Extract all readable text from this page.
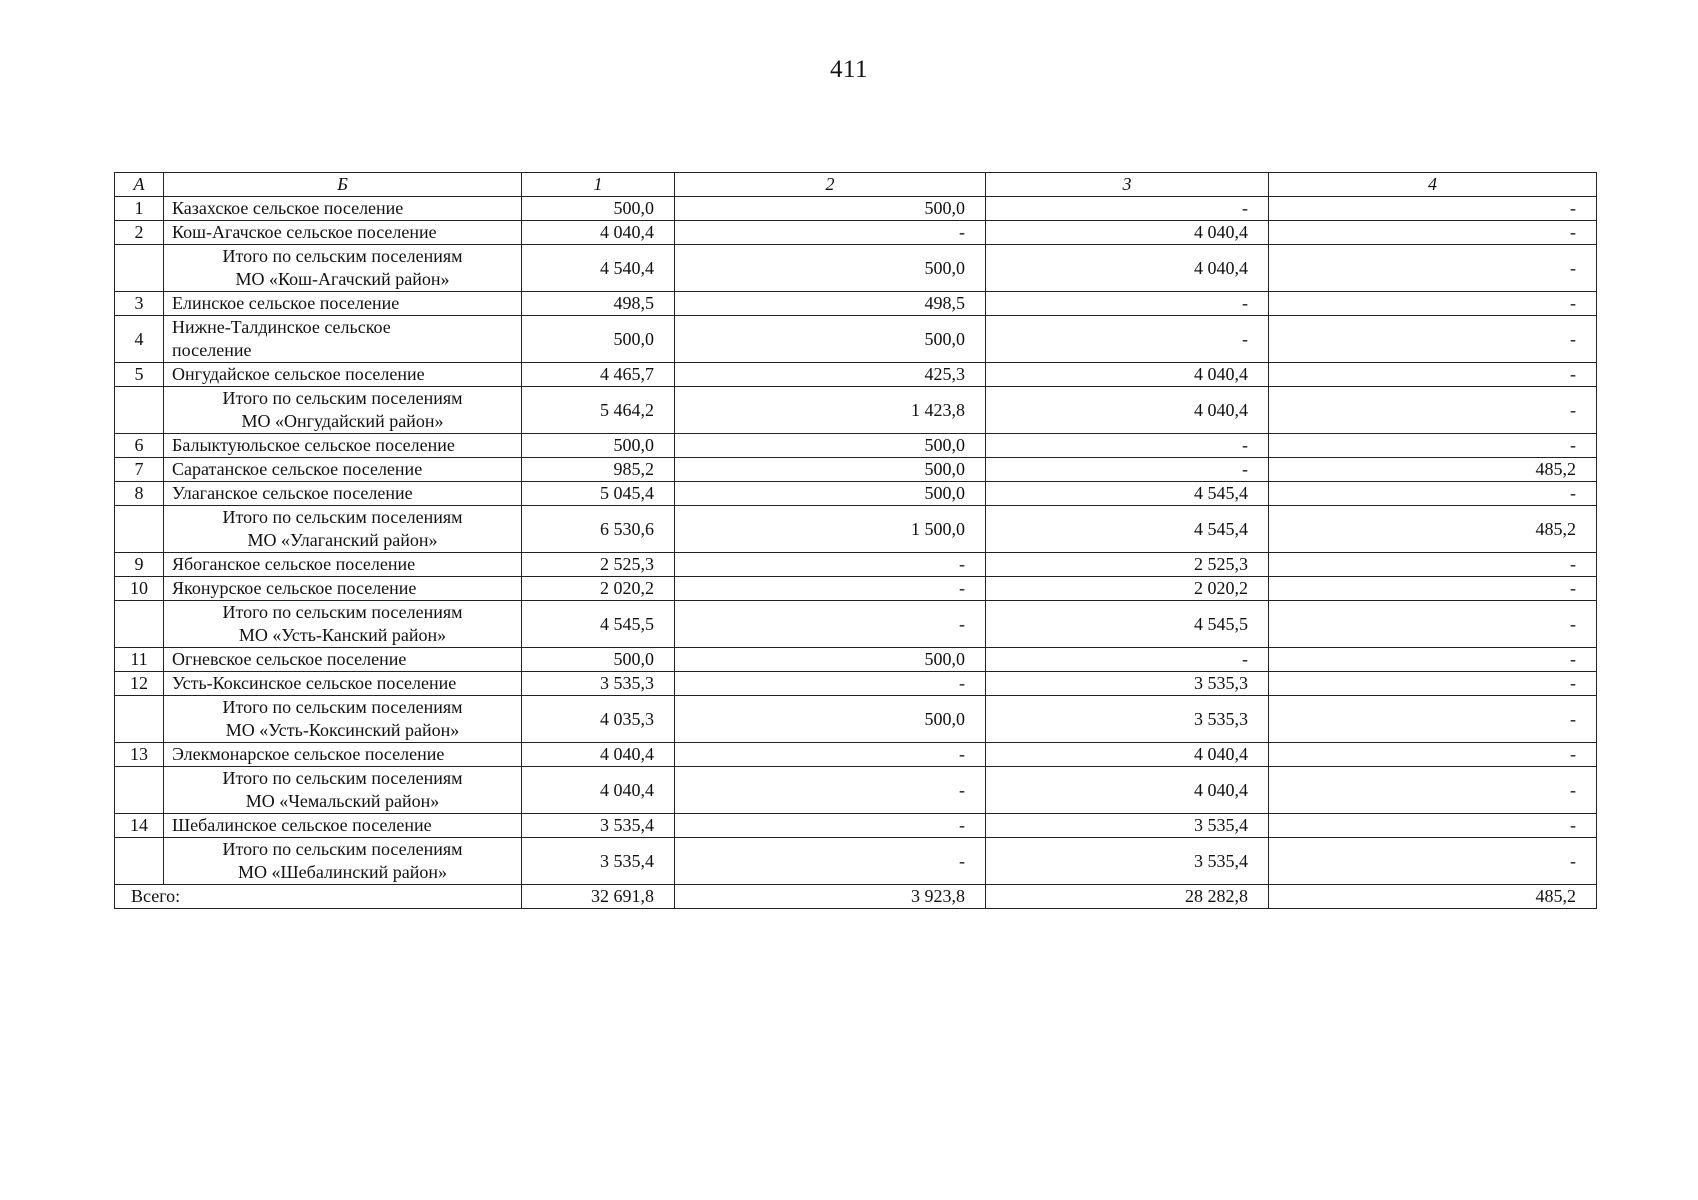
411
А	Б	1	2	3	4
1	Казахское сельское поселение	500,0	500,0	-	-
2	Кош-Агачское сельское поселение	4 040,4	-	4 040,4	-

	Итого по сельским поселениям
МО «Кош-Агачский район»	4 540,4	500,0	4 040,4	-
3	Елинское сельское поселение	498,5	498,5	-	-
4	Нижне-Талдинское сельское
поселение	500,0	500,0	-	-
5	Онгудайское сельское поселение	4 465,7	425,3	4 040,4	-

	Итого по сельским поселениям
МО «Онгудайский район»	5 464,2	1 423,8	4 040,4	-
6	Балыктуюльское сельское поселение	500,0	500,0	-	-
7	Саратанское сельское поселение	985,2	500,0	-	485,2
8	Улаганское сельское поселение	5 045,4	500,0	4 545,4	-

	Итого по сельским поселениям
МО «Улаганский район»	6 530,6	1 500,0	4 545,4	485,2
9	Ябоганское сельское поселение	2 525,3	-	2 525,3	-
10	Яконурское сельское поселение	2 020,2	-	2 020,2	-

	Итого по сельским поселениям
МО «Усть-Канский район»	4 545,5	-	4 545,5	-
11	Огневское сельское поселение	500,0	500,0	-	-
12	Усть-Коксинское сельское поселение	3 535,3	-	3 535,3	-

	Итого по сельским поселениям
МО «Усть-Коксинский район»	4 035,3	500,0	3 535,3	-
13	Элекмонарское сельское поселение	4 040,4	-	4 040,4	-

	Итого по сельским поселениям
МО «Чемальский район»	4 040,4	-	4 040,4	-
14	Шебалинское сельское поселение	3 535,4	-	3 535,4	-

	Итого по сельским поселениям
МО «Шебалинский район»	3 535,4	-	3 535,4	-
Всего:		32 691,8	3 923,8	28 282,8	485,2
